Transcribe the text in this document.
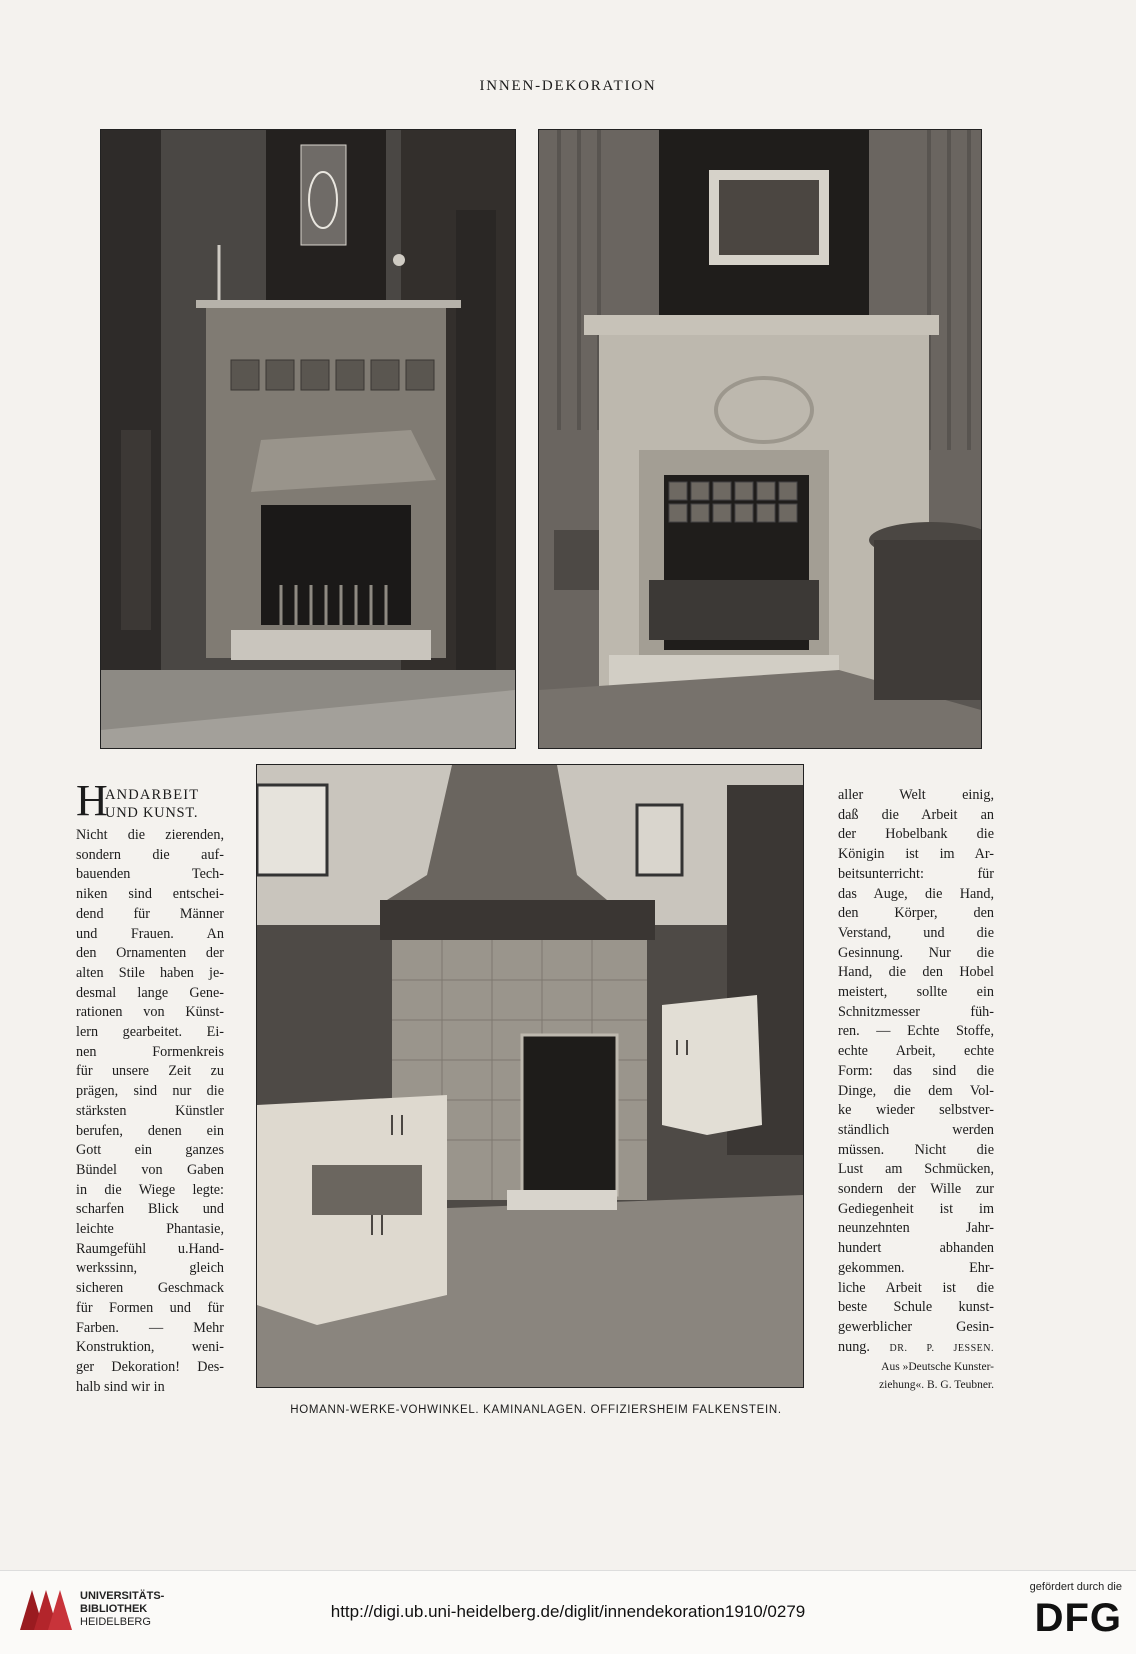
INNEN-DEKORATION
H
ANDARBEIT
UND KUNST.
Nicht die zierenden,
sondern die auf-
bauenden Tech-
niken sind entschei-
dend für Männer
und Frauen. An
den Ornamenten der
alten Stile haben je-
desmal lange Gene-
rationen von Künst-
lern gearbeitet. Ei-
nen Formenkreis
für unsere Zeit zu
prägen, sind nur die
stärksten Künstler
berufen, denen ein
Gott ein ganzes
Bündel von Gaben
in die Wiege legte:
scharfen Blick und
leichte Phantasie,
Raumgefühl u.Hand-
werkssinn, gleich
sicheren Geschmack
für Formen und für
Farben. — Mehr
Konstruktion, weni-
ger Dekoration! Des-
halb sind wir in
aller Welt einig,
daß die Arbeit an
der Hobelbank die
Königin ist im Ar-
beitsunterricht: für
das Auge, die Hand,
den Körper, den
Verstand, und die
Gesinnung. Nur die
Hand, die den Hobel
meistert, sollte ein
Schnitzmesser füh-
ren. — Echte Stoffe,
echte Arbeit, echte
Form: das sind die
Dinge, die dem Vol-
ke wieder selbstver-
ständlich werden
müssen. Nicht die
Lust am Schmücken,
sondern der Wille zur
Gediegenheit ist im
neunzehnten Jahr-
hundert abhanden
gekommen. Ehr-
liche Arbeit ist die
beste Schule kunst-
gewerblicher Gesin-
nung. DR. P. JESSEN.
Aus »Deutsche Kunster-
ziehung«. B. G. Teubner.
HOMANN-WERKE-VOHWINKEL. KAMINANLAGEN. OFFIZIERSHEIM FALKENSTEIN.
UNIVERSITÄTS-
BIBLIOTHEK
HEIDELBERG
http://digi.ub.uni-heidelberg.de/diglit/innendekoration1910/0279
gefördert durch die
DFG
